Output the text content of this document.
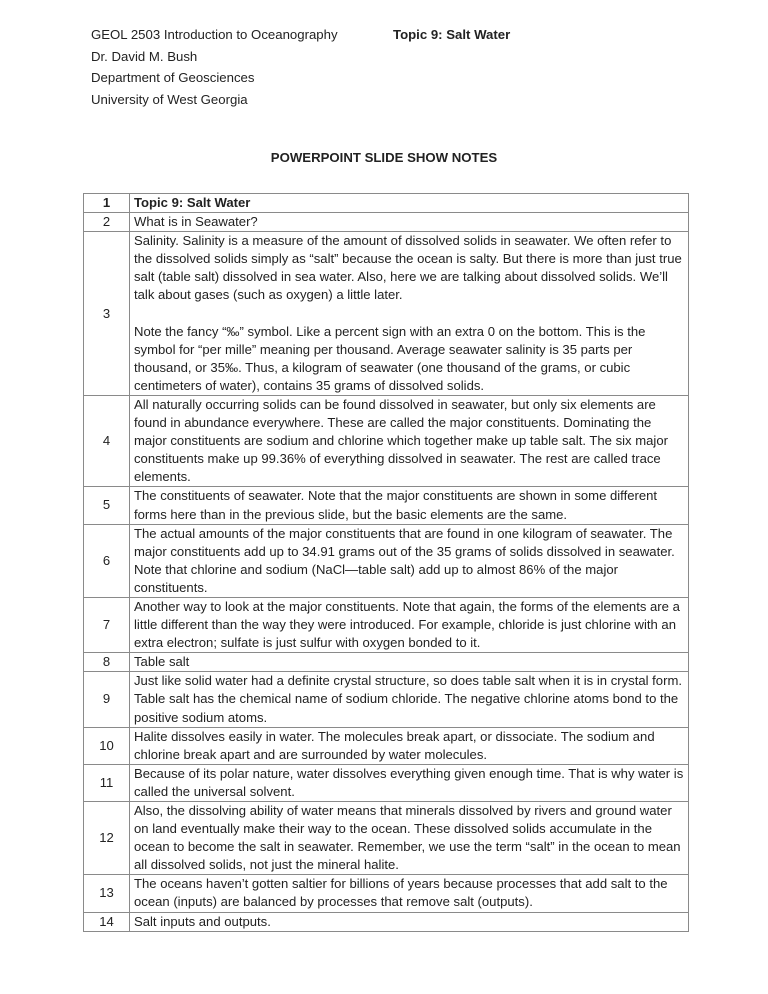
GEOL 2503 Introduction to Oceanography
Dr. David M. Bush
Department of Geosciences
University of West Georgia
Topic 9: Salt Water
POWERPOINT SLIDE SHOW NOTES
1	Topic 9: Salt Water
2	What is in Seawater?
3	Salinity. Salinity is a measure of the amount of dissolved solids in seawater. We often refer to the dissolved solids simply as “salt” because the ocean is salty. But there is more than just true salt (table salt) dissolved in sea water. Also, here we are talking about dissolved solids. We’ll talk about gases (such as oxygen) a little later.
Note the fancy “‰” symbol. Like a percent sign with an extra 0 on the bottom. This is the symbol for “per mille” meaning per thousand. Average seawater salinity is 35 parts per thousand, or 35‰. Thus, a kilogram of seawater (one thousand of the grams, or cubic centimeters of water), contains 35 grams of dissolved solids.
4	All naturally occurring solids can be found dissolved in seawater, but only six elements are found in abundance everywhere. These are called the major constituents. Dominating the major constituents are sodium and chlorine which together make up table salt. The six major constituents make up 99.36% of everything dissolved in seawater. The rest are called trace elements.
5	The constituents of seawater. Note that the major constituents are shown in some different forms here than in the previous slide, but the basic elements are the same.
6	The actual amounts of the major constituents that are found in one kilogram of seawater. The major constituents add up to 34.91 grams out of the 35 grams of solids dissolved in seawater. Note that chlorine and sodium (NaCl—table salt) add up to almost 86% of the major constituents.
7	Another way to look at the major constituents. Note that again, the forms of the elements are a little different than the way they were introduced. For example, chloride is just chlorine with an extra electron; sulfate is just sulfur with oxygen bonded to it.
8	Table salt
9	Just like solid water had a definite crystal structure, so does table salt when it is in crystal form. Table salt has the chemical name of sodium chloride. The negative chlorine atoms bond to the positive sodium atoms.
10	Halite dissolves easily in water. The molecules break apart, or dissociate. The sodium and chlorine break apart and are surrounded by water molecules.
11	Because of its polar nature, water dissolves everything given enough time. That is why water is called the universal solvent.
12	Also, the dissolving ability of water means that minerals dissolved by rivers and ground water on land eventually make their way to the ocean. These dissolved solids accumulate in the ocean to become the salt in seawater. Remember, we use the term “salt” in the ocean to mean all dissolved solids, not just the mineral halite.
13	The oceans haven’t gotten saltier for billions of years because processes that add salt to the ocean (inputs) are balanced by processes that remove salt (outputs).
14	Salt inputs and outputs.
